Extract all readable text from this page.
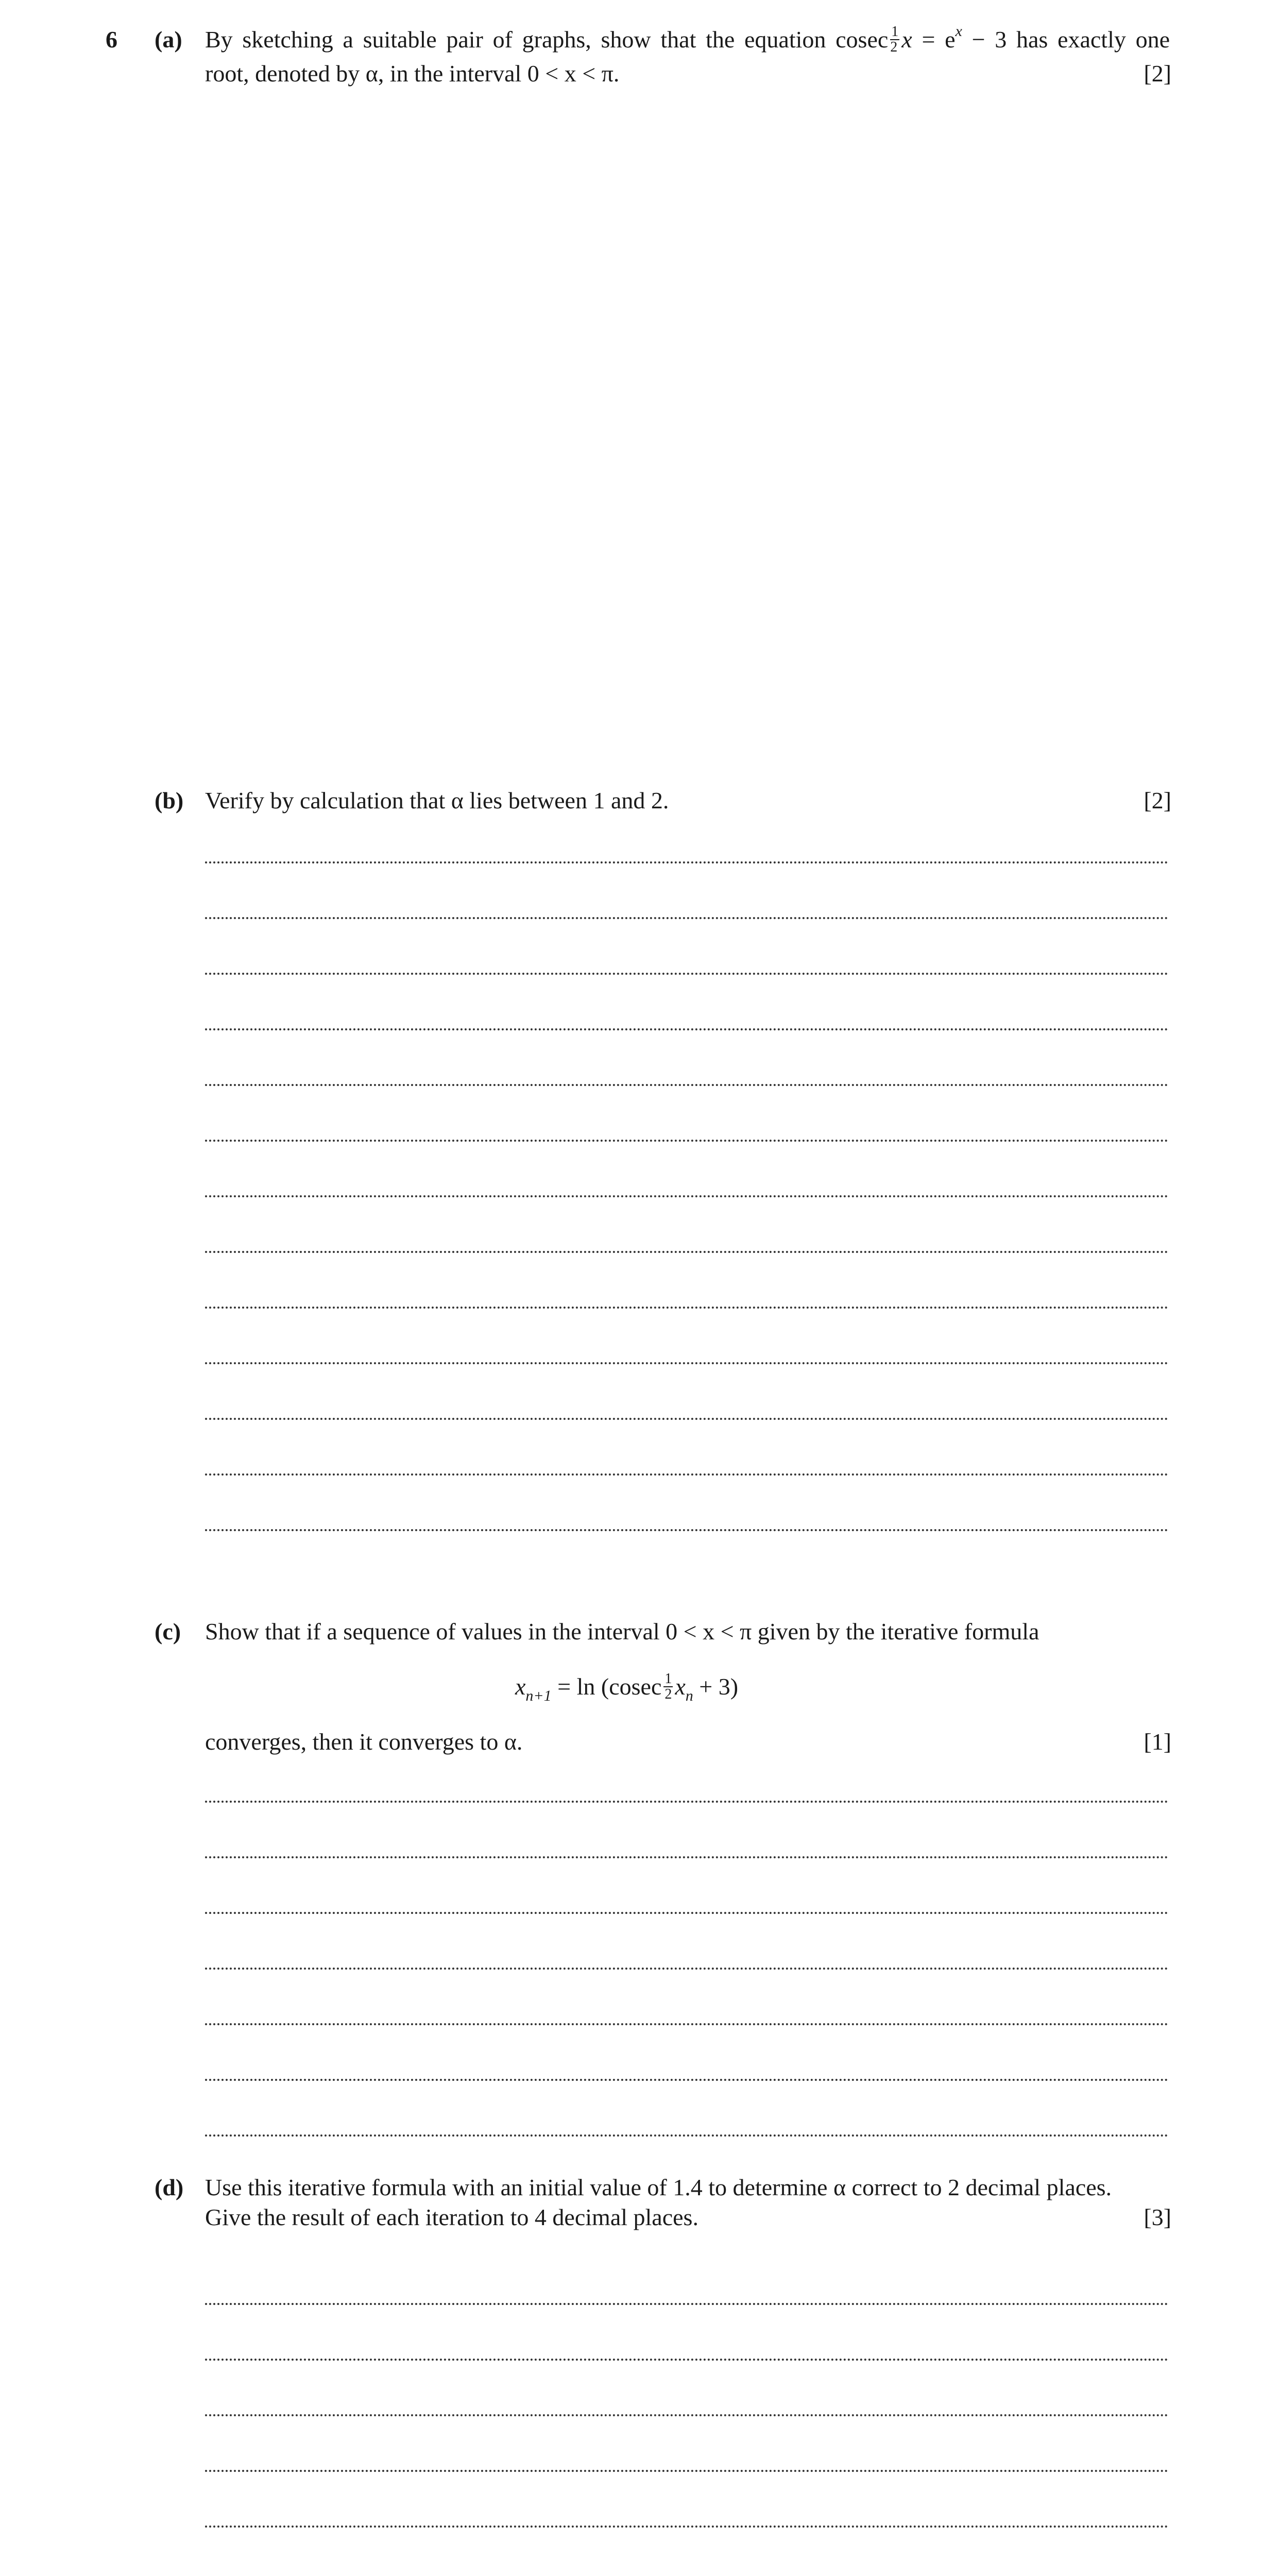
6 (a) By sketching a suitable pair of graphs, show that the equation cosec $\frac{1}{2}$ $x = e^x - 3$ has exactly one
root, denoted by α, in the interval 0 < x < π.	[2]
(b) Verify by calculation that α lies between 1 and 2.	[2]
(c) Show that if a sequence of values in the interval 0 < x < π given by the iterative formula
$x_{n+1} = \ln (cosec \frac{1}{2} x_n + 3)$
converges, then it converges to α.	[1]
(d) Use this iterative formula with an initial value of 1.4 to determine α correct to 2 decimal places.
Give the result of each iteration to 4 decimal places.	[3]
